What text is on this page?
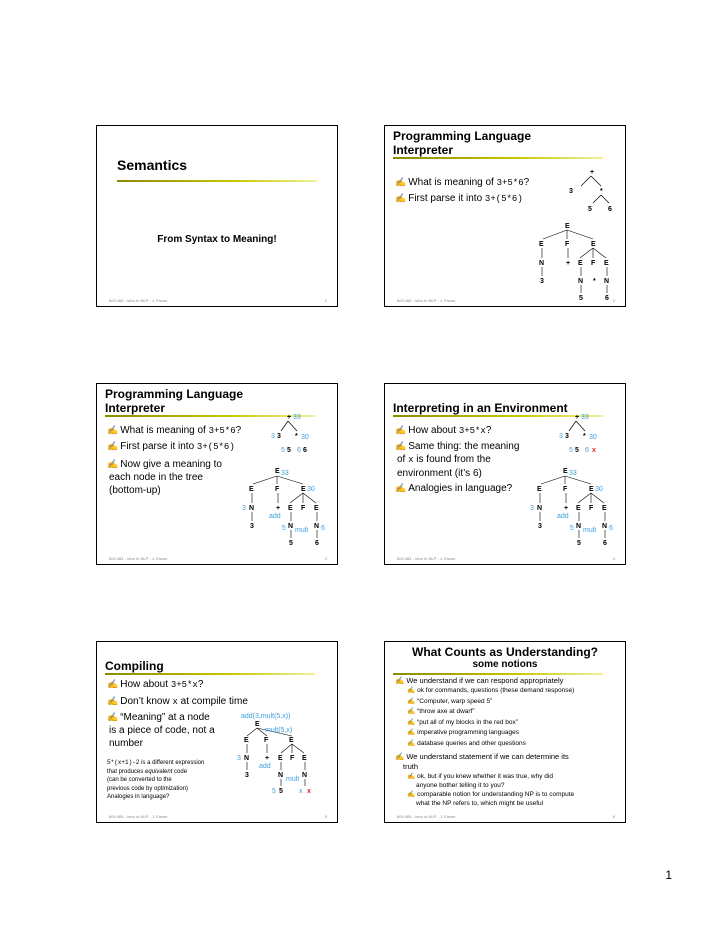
Semantics
From Syntax to Meaning!
600.465 - Intro to NLP - J. Eisner	1
Programming Language Interpreter
✍ What is meaning of 3+5*6?
✍ First parse it into 3+(5*6)
+
3	*
5 6
E
E	F	E
N	+ E F E
3	N * N
5	6
600.465 - Intro to NLP - J. Eisner	2
Programming Language Interpreter
✍ What is meaning of 3+5*6?
✍ First parse it into 3+(5*6)
✍ Now give a meaning to
each node in the tree
(bottom-up)
+ 33
3 3 * 30
5 5 6 6
E 33
E	F	E 30
3 N	+
add
E F E
3	5 N
mult
N 6
5	6
600.465 - Intro to NLP - J. Eisner	3
Interpreting in an Environment
✍ How about 3+5*x?
✍ Same thing: the meaning
of x is found from the
environment (it’s 6)
✍ Analogies in language?
+ 33
3 3 * 30
5 5 6 x
E 33
E	F	E 30
3 N	+
add
E F E
3	5 N
mult
N 6
5	6
600.465 - Intro to NLP - J. Eisner	4
Compiling
✍ How about 3+5*x?
✍ Don’t know x at compile time
✍ “Meaning” at a node
is a piece of code, not a
number
5*(x+1)-2 is a different expression
that produces equivalent code
(can be converted to the
previous code by optimization)
Analogies in language?
add(3,mult(5,x))
E
mult(5,x)
E F	E
3 N +
add
E F E
3	N
mult
N
5 5 x x
600.465 - Intro to NLP - J. Eisner	5
What Counts as Understanding?
some notions
✍ We understand if we can respond appropriately
✍ ok for commands, questions (these demand response)
✍ “Computer, warp speed 5”
✍ “throw axe at dwarf”
✍ “put all of my blocks in the red box”
✍ imperative programming languages
✍ database queries and other questions
✍ We understand statement if we can determine its
truth
✍ ok, but if you knew whether it was true, why did
anyone bother telling it to you?
✍ comparable notion for understanding NP is to compute
what the NP refers to, which might be useful
600.465 - Intro to NLP - J. Eisner	6
1
